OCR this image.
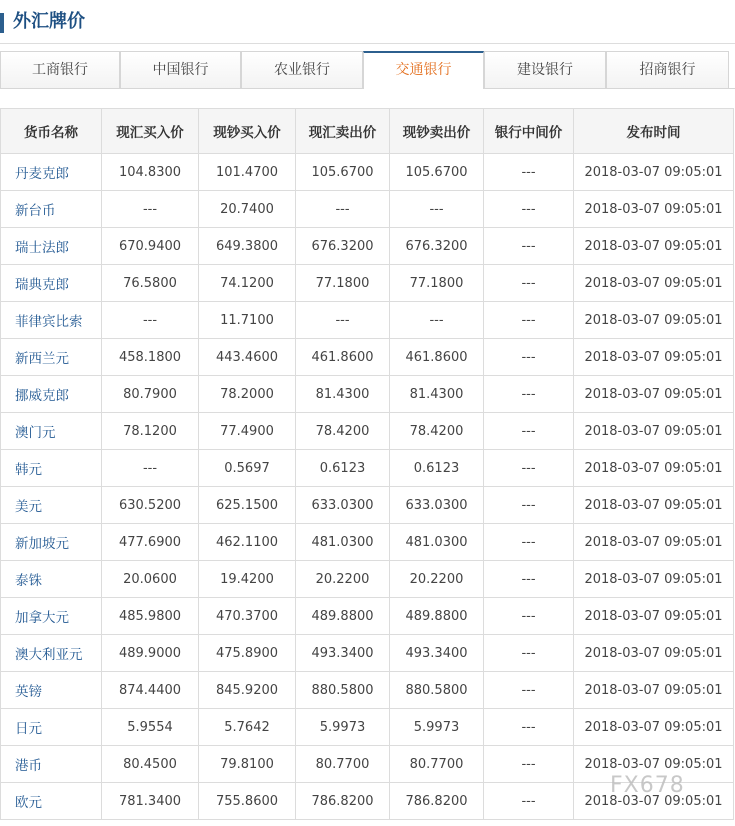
外汇牌价
工商银行	中国银行	农业银行	交通银行	建设银行	招商银行
货币名称	现汇买入价	现钞买入价	现汇卖出价	现钞卖出价	银行中间价	发布时间
丹麦克郎	104.8300	101.4700	105.6700	105.6700	---	2018-03-07 09:05:01
新台币	---	20.7400	---	---	---	2018-03-07 09:05:01
瑞士法郎	670.9400	649.3800	676.3200	676.3200	---	2018-03-07 09:05:01
瑞典克郎	76.5800	74.1200	77.1800	77.1800	---	2018-03-07 09:05:01
菲律宾比索	---	11.7100	---	---	---	2018-03-07 09:05:01
新西兰元	458.1800	443.4600	461.8600	461.8600	---	2018-03-07 09:05:01
挪威克郎	80.7900	78.2000	81.4300	81.4300	---	2018-03-07 09:05:01
澳门元	78.1200	77.4900	78.4200	78.4200	---	2018-03-07 09:05:01
韩元	---	0.5697	0.6123	0.6123	---	2018-03-07 09:05:01
美元	630.5200	625.1500	633.0300	633.0300	---	2018-03-07 09:05:01
新加坡元	477.6900	462.1100	481.0300	481.0300	---	2018-03-07 09:05:01
泰铢	20.0600	19.4200	20.2200	20.2200	---	2018-03-07 09:05:01
加拿大元	485.9800	470.3700	489.8800	489.8800	---	2018-03-07 09:05:01
澳大利亚元	489.9000	475.8900	493.3400	493.3400	---	2018-03-07 09:05:01
英镑	874.4400	845.9200	880.5800	880.5800	---	2018-03-07 09:05:01
日元	5.9554	5.7642	5.9973	5.9973	---	2018-03-07 09:05:01
港币	80.4500	79.8100	80.7700	80.7700	---	2018-03-07 09:05:01
欧元	781.3400	755.8600	786.8200	786.8200	---	2018-03-07 09:05:01
FX678
